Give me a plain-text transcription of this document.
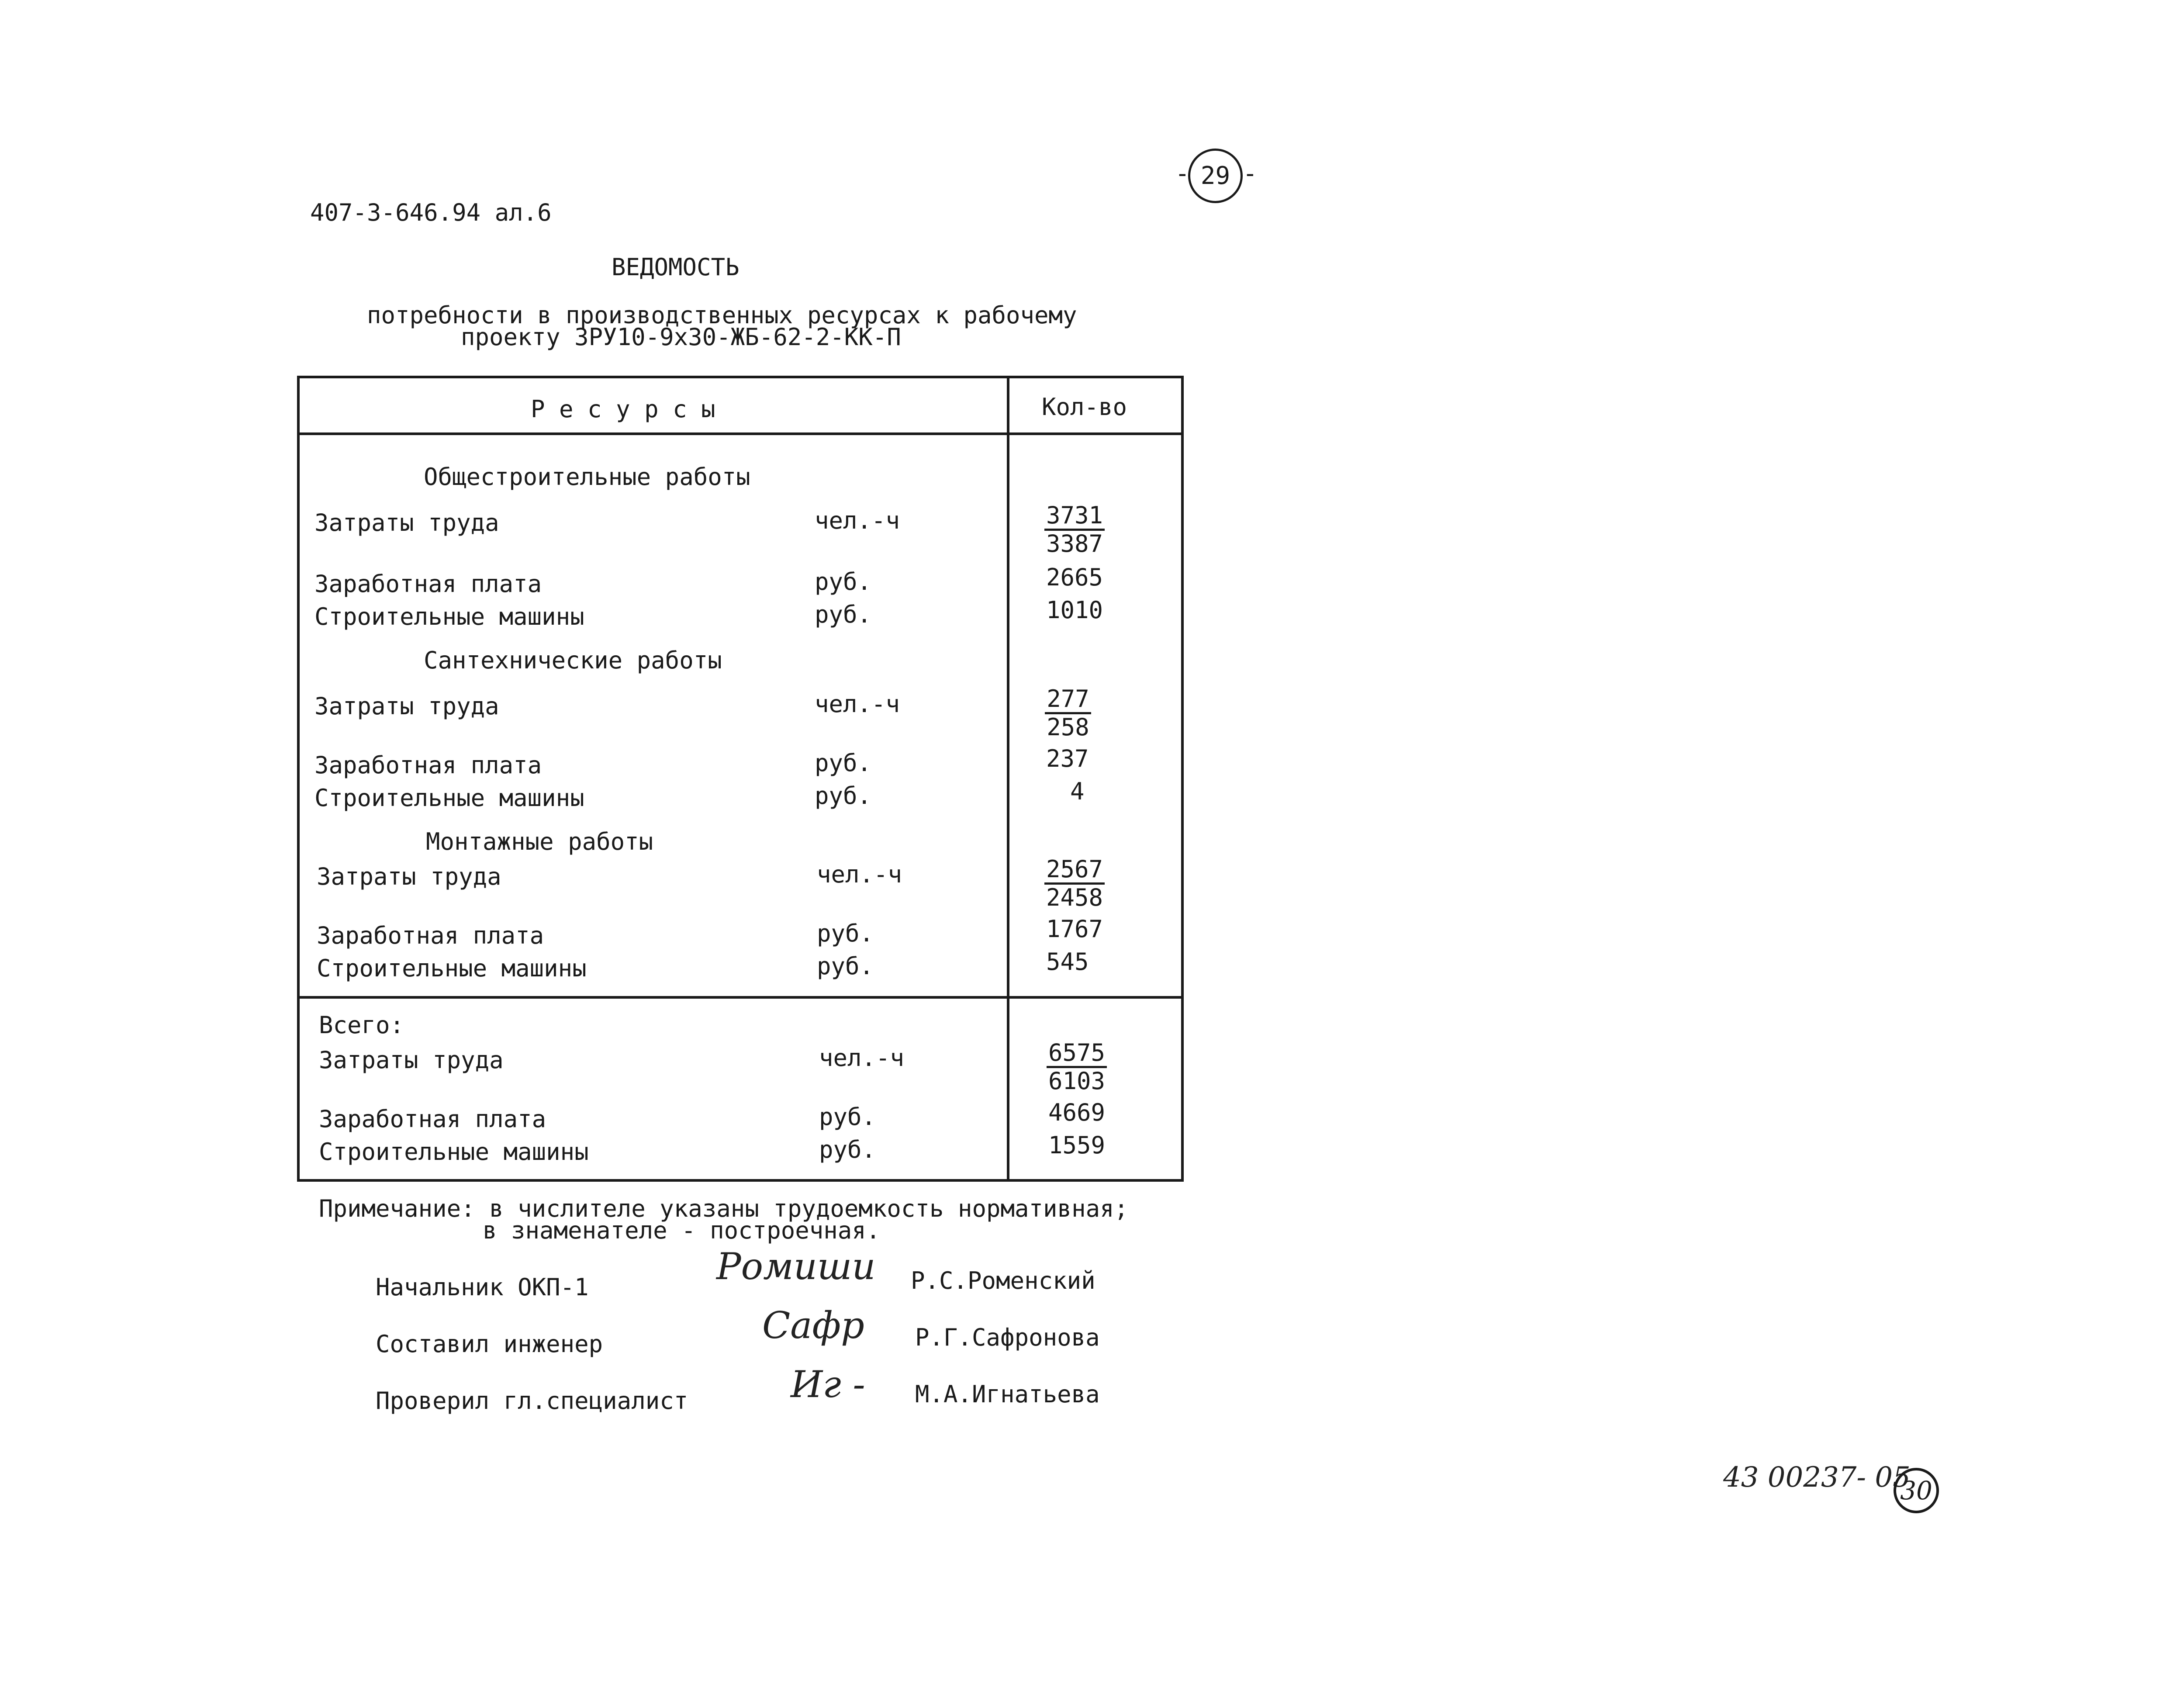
- 29 -
407-3-646.94 ал.6
ВЕДОМОСТЬ
потребности в производственных ресурсах к рабочему
проекту 3РУ10-9х30-ЖБ-62-2-КК-П
Р е с у р с ы	Кол-во
Общестроительные работы
Затраты труда	чел.-ч	$\frac{3731}{3387}$
Заработная плата	руб.	2665
Строительные машины	руб.	1010
Сантехнические работы
Затраты труда	чел.-ч	$\frac{277}{258}$
Заработная плата	руб.	237
Строительные машины	руб.	4
Монтажные работы
Затраты труда	чел.-ч	$\frac{2567}{2458}$
Заработная плата	руб.	1767
Строительные машины	руб.	545
Всего:
Затраты труда	чел.-ч	$\frac{6575}{6103}$
Заработная плата	руб.	4669
Строительные машины	руб.	1559
Примечание: в числителе указаны трудоемкость нормативная;
в знаменателе - построечная.
Начальник ОКП-1	Ромиши Р.С.Роменский
Составил инженер	Сафр Р.Г.Сафронова
Проверил гл.специалист	Иг - М.А.Игнатьева
43 00237- 05
30
